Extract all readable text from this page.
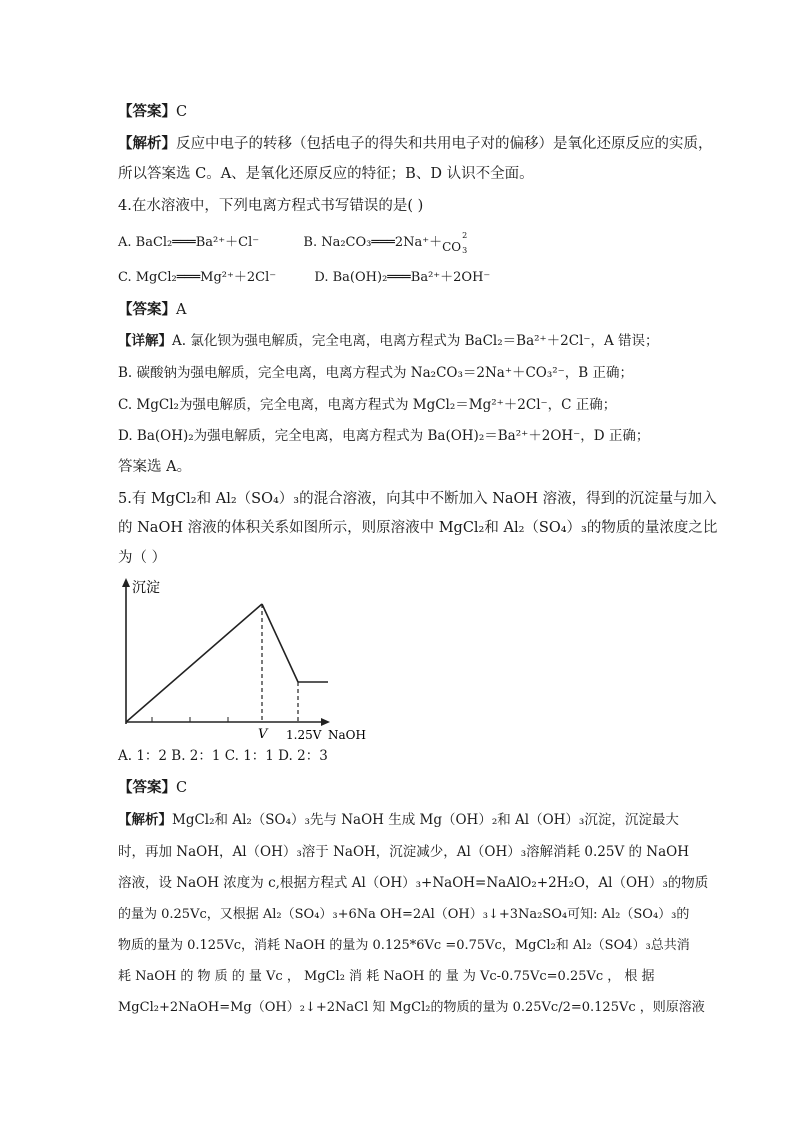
【答案】C
【解析】反应中电子的转移（包括电子的得失和共用电子对的偏移）是氧化还原反应的实质，
所以答案选 C。A、是氧化还原反应的特征；B、D 认识不全面。
4.在水溶液中，下列电离方程式书写错误的是( )
A. BaCl₂═══Ba²⁺＋Cl⁻	B. Na₂CO₃═══2Na⁺＋ CO
2
3
C. MgCl₂═══Mg²⁺＋2Cl⁻	D. Ba(OH)₂═══Ba²⁺＋2OH⁻
【答案】A
【详解】A. 氯化钡为强电解质，完全电离，电离方程式为 BaCl₂＝Ba²⁺＋2Cl⁻，A 错误；
B. 碳酸钠为强电解质，完全电离，电离方程式为 Na₂CO₃＝2Na⁺＋CO₃²⁻，B 正确；
C. MgCl₂为强电解质，完全电离，电离方程式为 MgCl₂＝Mg²⁺＋2Cl⁻，C 正确；
D. Ba(OH)₂为强电解质，完全电离，电离方程式为 Ba(OH)₂＝Ba²⁺＋2OH⁻，D 正确；
答案选 A。
5.有 MgCl₂和 Al₂（SO₄）₃的混合溶液，向其中不断加入 NaOH 溶液，得到的沉淀量与加入
的 NaOH 溶液的体积关系如图所示，则原溶液中 MgCl₂和 Al₂（SO₄）₃的物质的量浓度之比
为（ ）
沉淀
V 1.25V NaOH
A. 1：2 B. 2：1 C. 1：1 D. 2：3
【答案】C
【解析】MgCl₂和 Al₂（SO₄）₃先与 NaOH 生成 Mg（OH）₂和 Al（OH）₃沉淀，沉淀最大
时，再加 NaOH，Al（OH）₃溶于 NaOH，沉淀减少，Al（OH）₃溶解消耗 0.25V 的 NaOH
溶液，设 NaOH 浓度为 c,根据方程式 Al（OH）₃+NaOH=NaAlO₂+2H₂O，Al（OH）₃的物质
的量为 0.25Vc，又根据 Al₂（SO₄）₃+6Na OH=2Al（OH）₃↓+3Na₂SO₄可知: Al₂（SO₄）₃的
物质的量为 0.125Vc，消耗 NaOH 的量为 0.125*6Vc =0.75Vc，MgCl₂和 Al₂（SO4）₃总共消
耗 NaOH 的 物 质 的 量 Vc ， MgCl₂ 消 耗 NaOH 的 量 为 Vc-0.75Vc=0.25Vc ， 根 据
MgCl₂+2NaOH=Mg（OH）₂↓+2NaCl 知 MgCl₂的物质的量为 0.25Vc/2=0.125Vc ，则原溶液
